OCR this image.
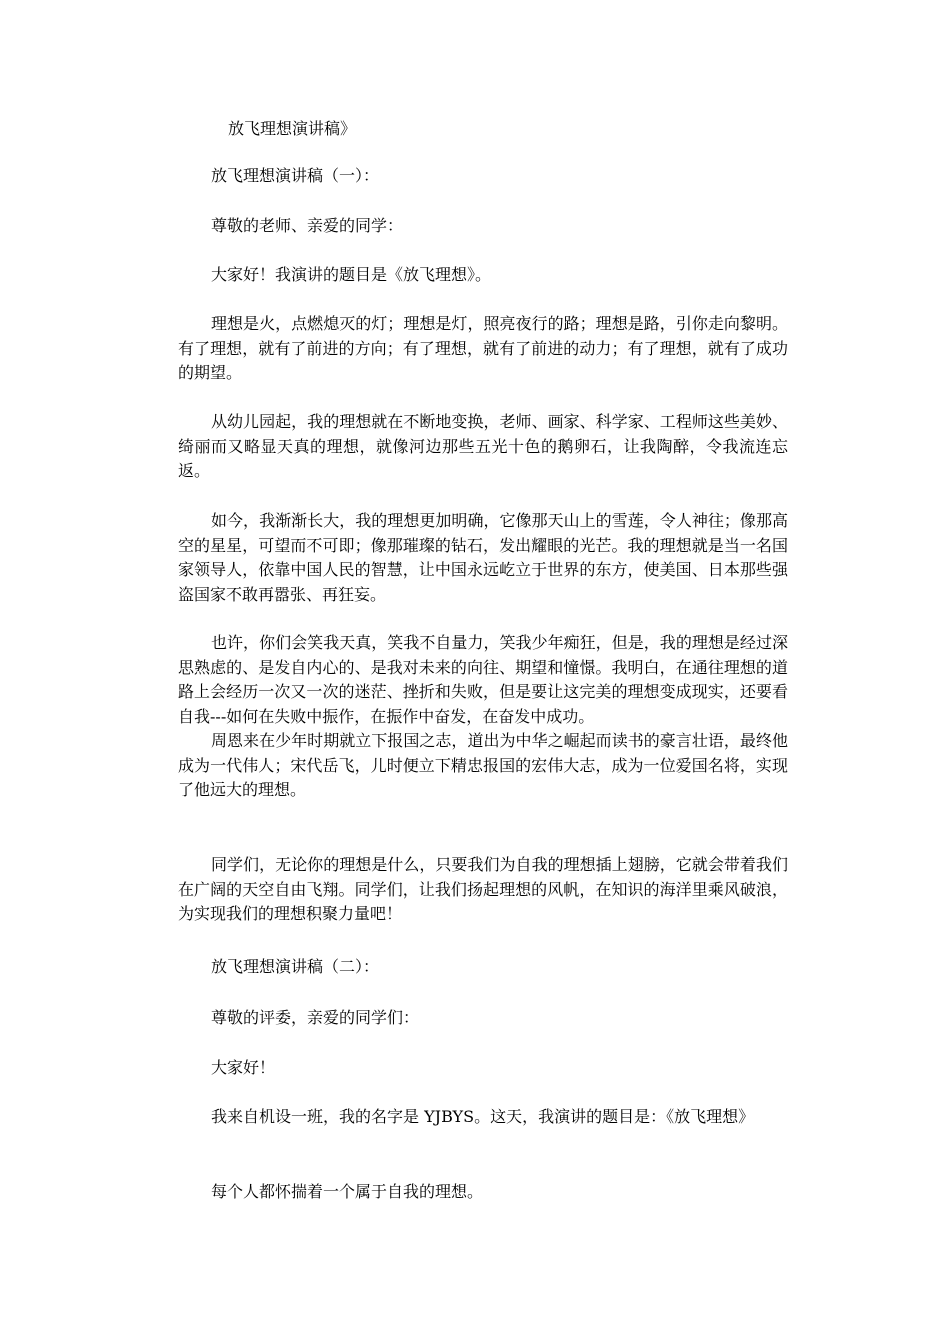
放飞理想演讲稿》

放飞理想演讲稿（一）：

尊敬的老师、亲爱的同学：

大家好！我演讲的题目是《放飞理想》。

理想是火，点燃熄灭的灯；理想是灯，照亮夜行的路；理想是路，引你走向黎明。有了理想，就有了前进的方向；有了理想，就有了前进的动力；有了理想，就有了成功的期望。

从幼儿园起，我的理想就在不断地变换，老师、画家、科学家、工程师这些美妙、绮丽而又略显天真的理想，就像河边那些五光十色的鹅卵石，让我陶醉，令我流连忘返。

如今，我渐渐长大，我的理想更加明确，它像那天山上的雪莲，令人神往；像那高空的星星，可望而不可即；像那璀璨的钻石，发出耀眼的光芒。我的理想就是当一名国家领导人，依靠中国人民的智慧，让中国永远屹立于世界的东方，使美国、日本那些强盗国家不敢再嚣张、再狂妄。

也许，你们会笑我天真，笑我不自量力，笑我少年痴狂，但是，我的理想是经过深思熟虑的、是发自内心的、是我对未来的向往、期望和憧憬。我明白，在通往理想的道路上会经历一次又一次的迷茫、挫折和失败，但是要让这完美的理想变成现实，还要看自我---如何在失败中振作，在振作中奋发，在奋发中成功。

周恩来在少年时期就立下报国之志，道出为中华之崛起而读书的豪言壮语，最终他成为一代伟人；宋代岳飞，儿时便立下精忠报国的宏伟大志，成为一位爱国名将，实现了他远大的理想。

同学们，无论你的理想是什么，只要我们为自我的理想插上翅膀，它就会带着我们在广阔的天空自由飞翔。同学们，让我们扬起理想的风帆，在知识的海洋里乘风破浪，为实现我们的理想积聚力量吧！

放飞理想演讲稿（二）：

尊敬的评委，亲爱的同学们：

大家好！

我来自机设一班，我的名字是 YJBYS。这天，我演讲的题目是：《放飞理想》

每个人都怀揣着一个属于自我的理想。
